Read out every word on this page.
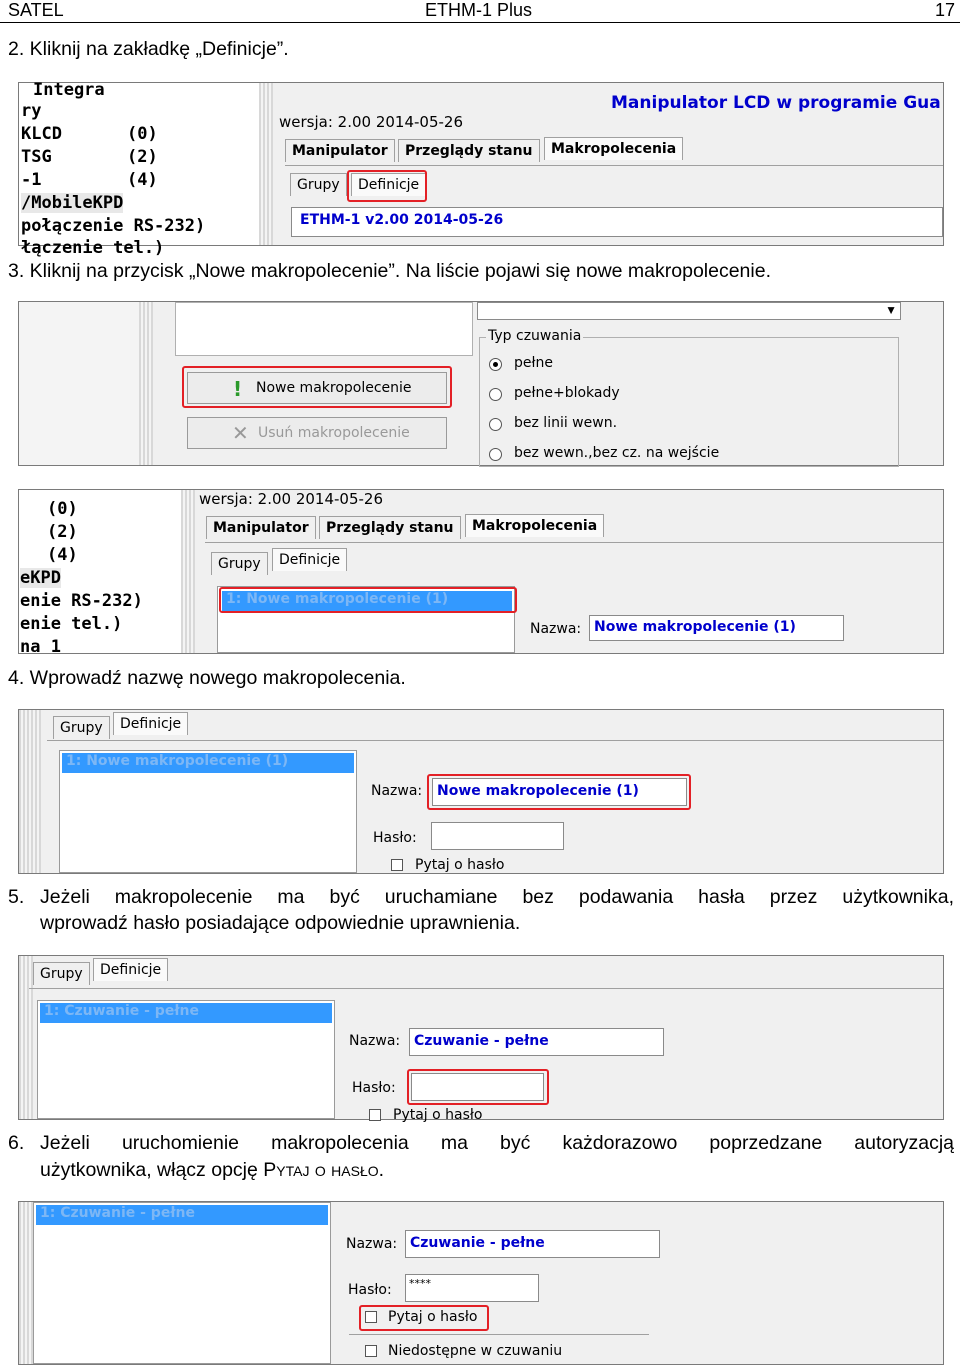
SATEL	ETHM-1 Plus	17
2. Kliknij na zakładkę „Definicje”.
Integra
ry
KLCD	(0)
TSG	(2)
-1	(4)
/MobileKPD
połączenie RS-232)
łączenie tel.)
Manipulator LCD w programie Gua
wersja: 2.00 2014-05-26
Manipulator	Przeglądy stanu	Makropolecenia
Grupy	Definicje
ETHM-1 v2.00 2014-05-26
3. Kliknij na przycisk „Nowe makropolecenie”. Na liście pojawi się nowe makropolecenie.
! Nowe makropolecenie
✕ Usuń makropolecenie
▼
Typ czuwania
pełne
pełne+blokady
bez linii wewn.
bez wewn.,bez cz. na wejście
(0)
(2)
(4)
eKPD
enie RS-232)
enie tel.)
na 1
wersja: 2.00 2014-05-26
Manipulator	Przeglądy stanu	Makropolecenia
Grupy	Definicje
1: Nowe makropolecenie (1)
Nazwa: Nowe makropolecenie (1)
4. Wprowadź nazwę nowego makropolecenia.
Grupy	Definicje
1: Nowe makropolecenie (1)
Nazwa:	Nowe makropolecenie (1)
Hasło:
Pytaj o hasło
5. Jeżeli makropolecenie ma być uruchamiane bez podawania hasła przez użytkownika,
wprowadź hasło posiadające odpowiednie uprawnienia.
Grupy	Definicje
1: Czuwanie - pełne
Nazwa: Czuwanie - pełne
Hasło:
Pytaj o hasło
6. Jeżeli uruchomienie makropolecenia ma być każdorazowo poprzedzane autoryzacją
użytkownika, włącz opcję Pytaj o hasło.
1: Czuwanie - pełne
Nazwa: Czuwanie - pełne
Hasło:	****
Pytaj o hasło
Niedostępne w czuwaniu
